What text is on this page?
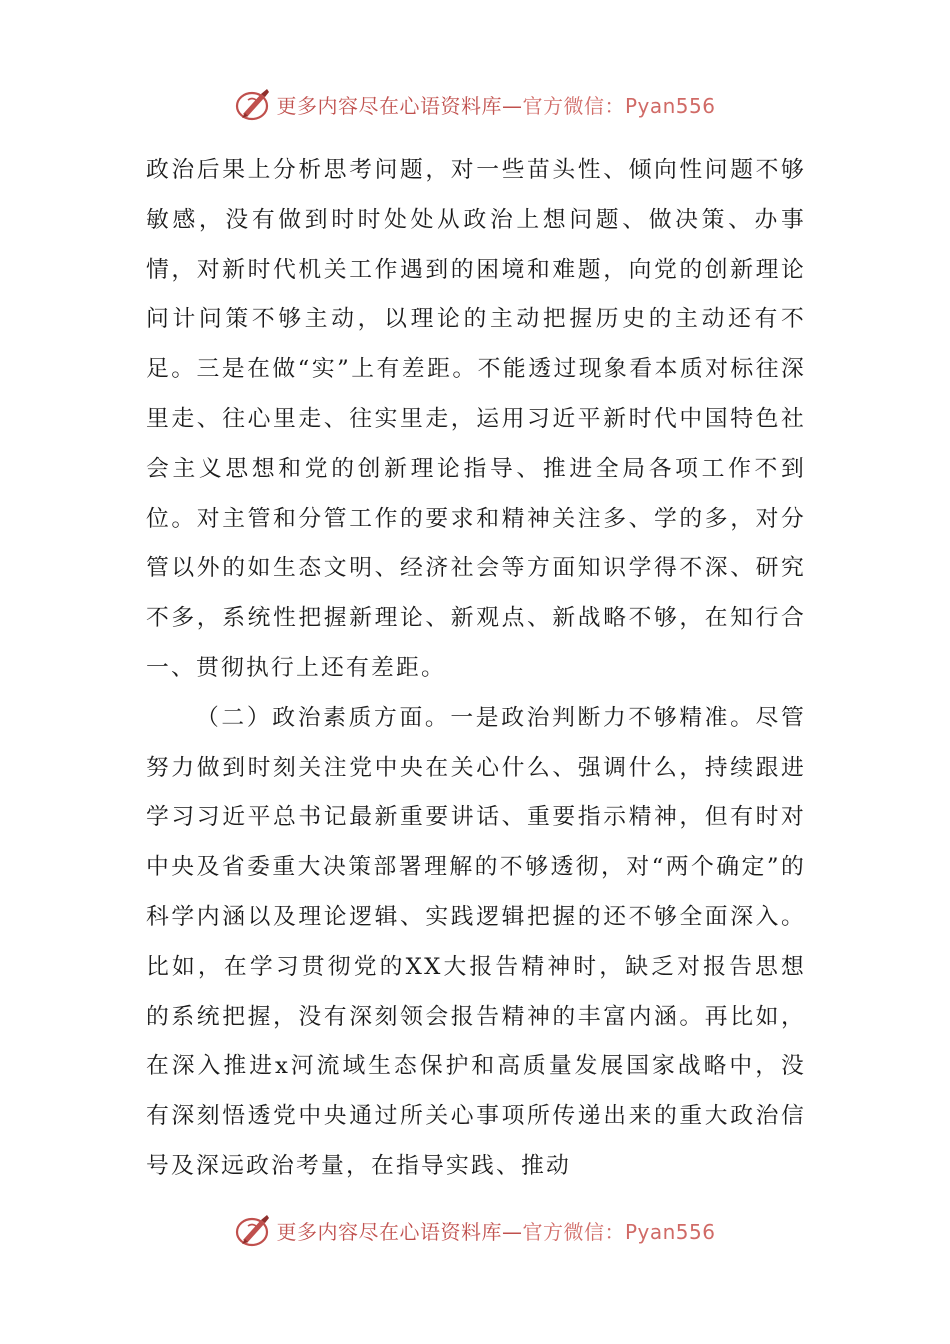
更多内容尽在心语资料库—官方微信：Pyan556

政治后果上分析思考问题，对一些苗头性、倾向性问题不够敏感，没有做到时时处处从政治上想问题、做决策、办事情，对新时代机关工作遇到的困境和难题，向党的创新理论问计问策不够主动，以理论的主动把握历史的主动还有不足。三是在做“实”上有差距。不能透过现象看本质对标往深里走、往心里走、往实里走，运用习近平新时代中国特色社会主义思想和党的创新理论指导、推进全局各项工作不到位。对主管和分管工作的要求和精神关注多、学的多，对分管以外的如生态文明、经济社会等方面知识学得不深、研究不多，系统性把握新理论、新观点、新战略不够，在知行合一、贯彻执行上还有差距。

（二）政治素质方面。一是政治判断力不够精准。尽管努力做到时刻关注党中央在关心什么、强调什么，持续跟进学习习近平总书记最新重要讲话、重要指示精神，但有时对中央及省委重大决策部署理解的不够透彻，对“两个确定”的科学内涵以及理论逻辑、实践逻辑把握的还不够全面深入。比如，在学习贯彻党的XX大报告精神时，缺乏对报告思想的系统把握，没有深刻领会报告精神的丰富内涵。再比如，在深入推进x河流域生态保护和高质量发展国家战略中，没有深刻悟透党中央通过所关心事项所传递出来的重大政治信号及深远政治考量，在指导实践、推动

更多内容尽在心语资料库—官方微信：Pyan556
